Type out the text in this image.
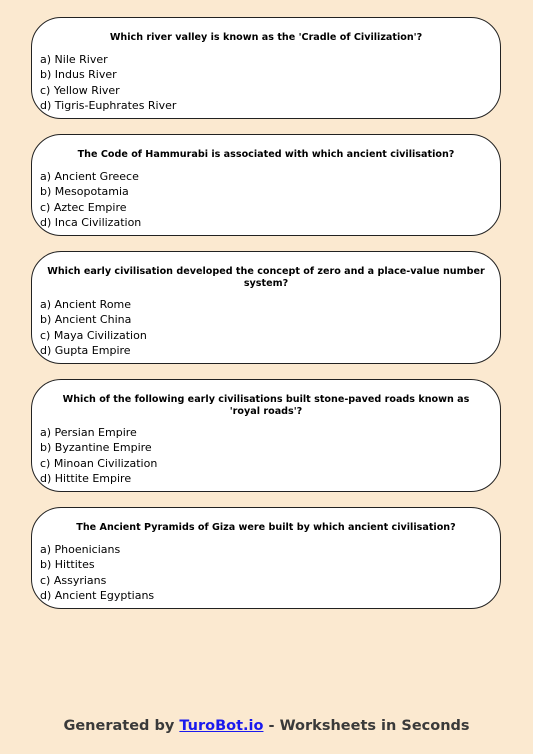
Which river valley is known as the 'Cradle of Civilization'?
a) Nile River
b) Indus River
c) Yellow River
d) Tigris-Euphrates River
The Code of Hammurabi is associated with which ancient civilisation?
a) Ancient Greece
b) Mesopotamia
c) Aztec Empire
d) Inca Civilization
Which early civilisation developed the concept of zero and a place-value number system?
a) Ancient Rome
b) Ancient China
c) Maya Civilization
d) Gupta Empire
Which of the following early civilisations built stone-paved roads known as 'royal roads'?
a) Persian Empire
b) Byzantine Empire
c) Minoan Civilization
d) Hittite Empire
The Ancient Pyramids of Giza were built by which ancient civilisation?
a) Phoenicians
b) Hittites
c) Assyrians
d) Ancient Egyptians
Generated by TuroBot.io - Worksheets in Seconds
